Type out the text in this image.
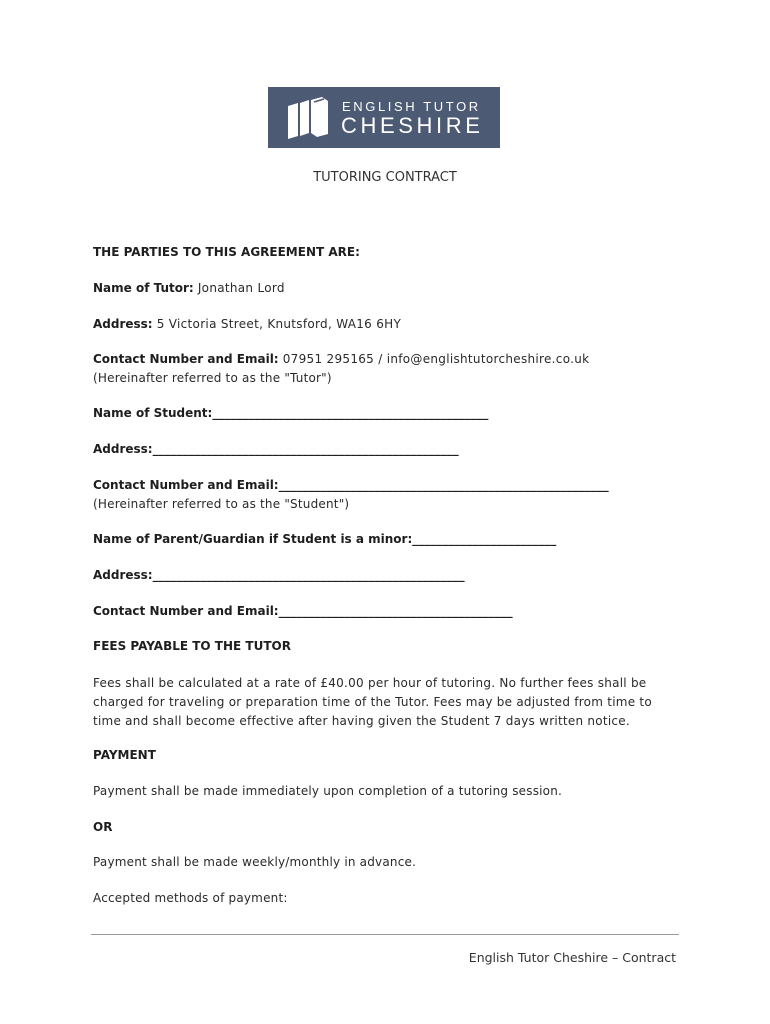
ENGLISH TUTOR
CHESHIRE
TUTORING CONTRACT
THE PARTIES TO THIS AGREEMENT ARE:
Name of Tutor: Jonathan Lord
Address: 5 Victoria Street, Knutsford, WA16 6HY
Contact Number and Email: 07951 295165 / info@englishtutorcheshire.co.uk
(Hereinafter referred to as the "Tutor")
Name of Student:______________________________________________
Address:___________________________________________________
Contact Number and Email:_______________________________________________________
(Hereinafter referred to as the "Student")
Name of Parent/Guardian if Student is a minor:________________________
Address:____________________________________________________
Contact Number and Email:_______________________________________
FEES PAYABLE TO THE TUTOR
Fees shall be calculated at a rate of £40.00 per hour of tutoring. No further fees shall be charged for traveling or preparation time of the Tutor. Fees may be adjusted from time to time and shall become effective after having given the Student 7 days written notice.
PAYMENT
Payment shall be made immediately upon completion of a tutoring session.
OR
Payment shall be made weekly/monthly in advance.
Accepted methods of payment:
English Tutor Cheshire – Contract
